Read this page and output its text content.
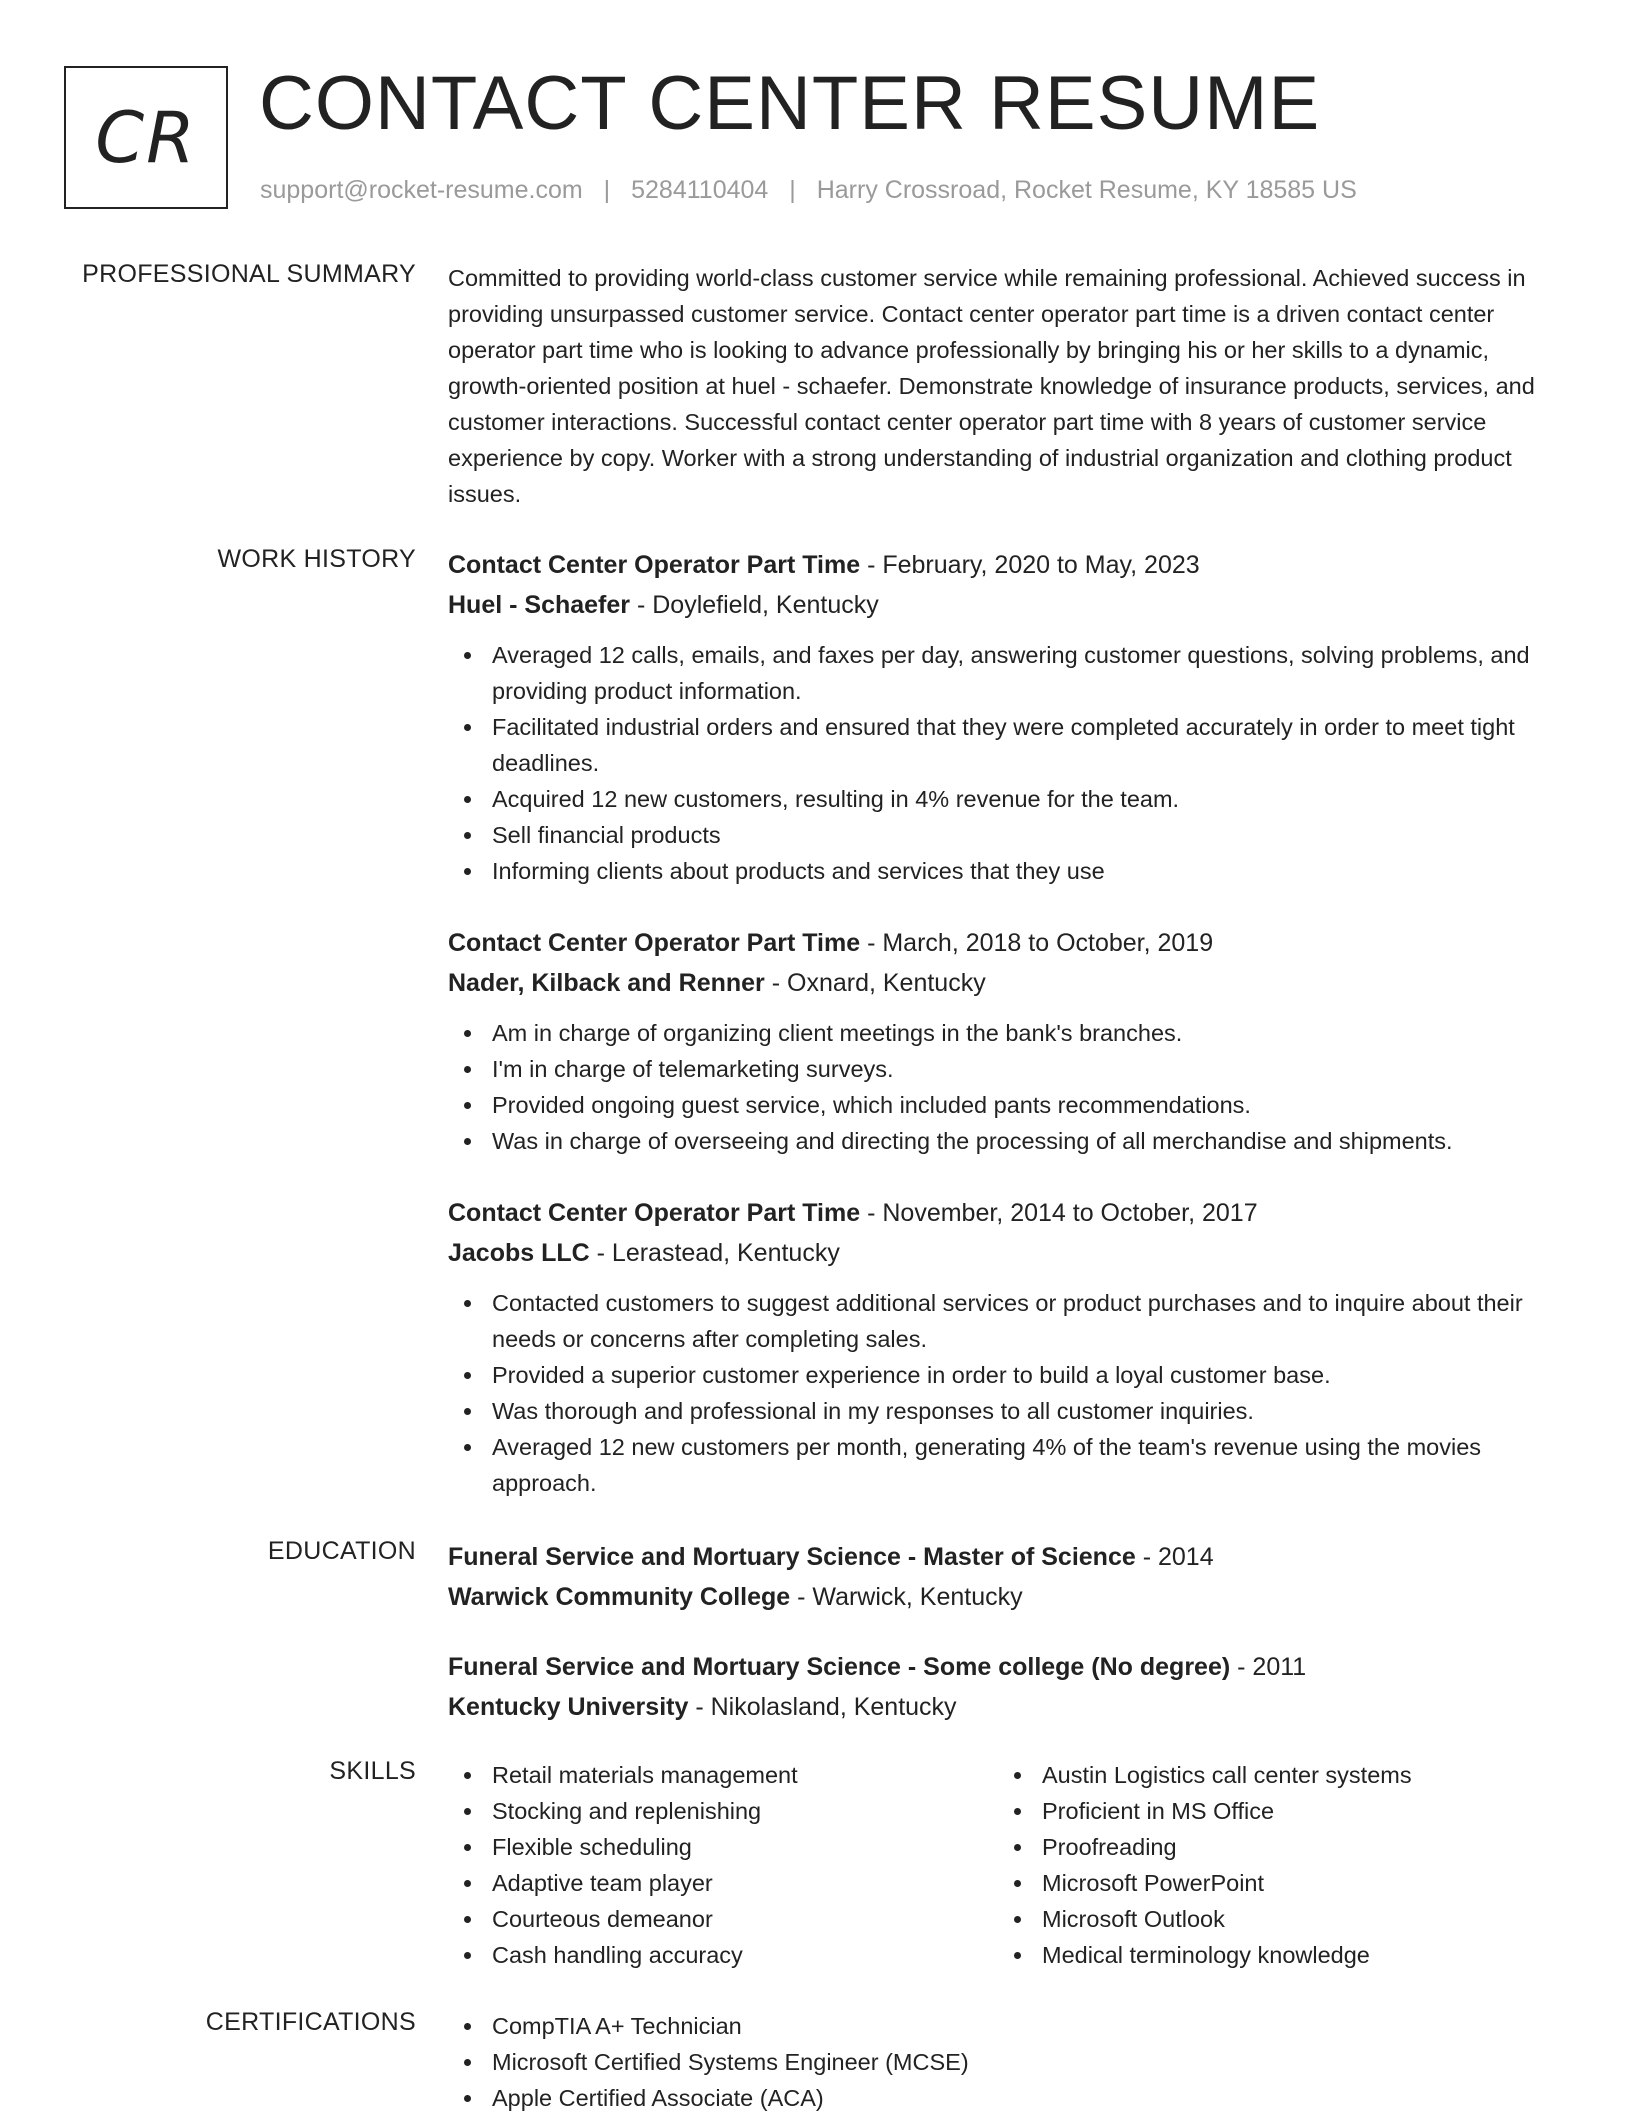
CR CONTACT CENTER RESUME
support@rocket-resume.com | 5284110404 | Harry Crossroad, Rocket Resume, KY 18585 US
PROFESSIONAL SUMMARY Committed to providing world-class customer service while remaining professional. Achieved success in providing unsurpassed customer service. Contact center operator part time is a driven contact center operator part time who is looking to advance professionally by bringing his or her skills to a dynamic, growth-oriented position at huel - schaefer. Demonstrate knowledge of insurance products, services, and customer interactions. Successful contact center operator part time with 8 years of customer service experience by copy. Worker with a strong understanding of industrial organization and clothing product issues.

WORK HISTORY Contact Center Operator Part Time - February, 2020 to May, 2023
Huel - Schaefer - Doylefield, Kentucky
Averaged 12 calls, emails, and faxes per day, answering customer questions, solving problems, and providing product information.
Facilitated industrial orders and ensured that they were completed accurately in order to meet tight deadlines.
Acquired 12 new customers, resulting in 4% revenue for the team.
Sell financial products
Informing clients about products and services that they use
Contact Center Operator Part Time - March, 2018 to October, 2019
Nader, Kilback and Renner - Oxnard, Kentucky
Am in charge of organizing client meetings in the bank's branches.
I'm in charge of telemarketing surveys.
Provided ongoing guest service, which included pants recommendations.
Was in charge of overseeing and directing the processing of all merchandise and shipments.
Contact Center Operator Part Time - November, 2014 to October, 2017
Jacobs LLC - Lerastead, Kentucky
Contacted customers to suggest additional services or product purchases and to inquire about their needs or concerns after completing sales.
Provided a superior customer experience in order to build a loyal customer base.
Was thorough and professional in my responses to all customer inquiries.
Averaged 12 new customers per month, generating 4% of the team's revenue using the movies approach.
EDUCATION Funeral Service and Mortuary Science - Master of Science - 2014
Warwick Community College - Warwick, Kentucky
Funeral Service and Mortuary Science - Some college (No degree) - 2011
Kentucky University - Nikolasland, Kentucky
SKILLS	Retail materials management
Stocking and replenishing
Flexible scheduling
Adaptive team player
Courteous demeanor
Cash handling accuracy
Austin Logistics call center systems
Proficient in MS Office
Proofreading
Microsoft PowerPoint
Microsoft Outlook
Medical terminology knowledge
CERTIFICATIONS	CompTIA A+ Technician
Microsoft Certified Systems Engineer (MCSE)
Apple Certified Associate (ACA)
